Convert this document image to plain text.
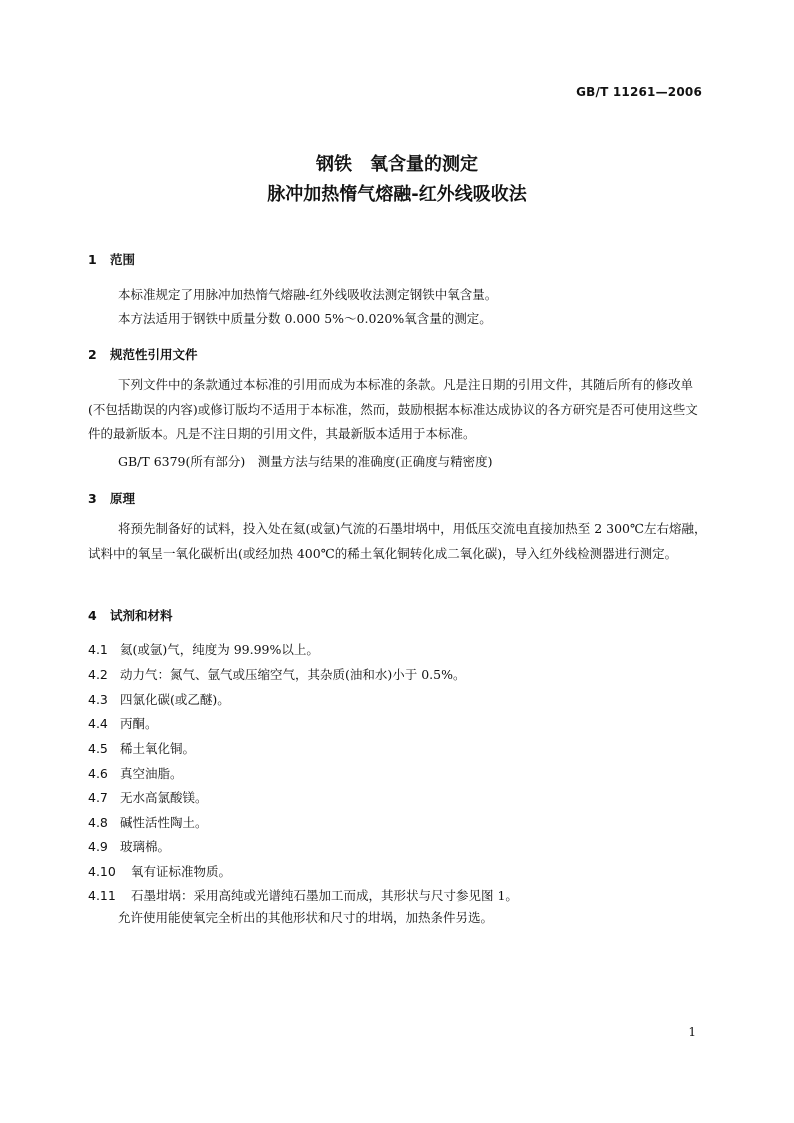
GB/T 11261—2006
钢铁　氧含量的测定
脉冲加热惰气熔融-红外线吸收法
1 范围
本标准规定了用脉冲加热惰气熔融-红外线吸收法测定钢铁中氧含量。
本方法适用于钢铁中质量分数 0.000 5%～0.020%氧含量的测定。
2 规范性引用文件
下列文件中的条款通过本标准的引用而成为本标准的条款。凡是注日期的引用文件，其随后所有的修改单(不包括勘误的内容)或修订版均不适用于本标准，然而，鼓励根据本标准达成协议的各方研究是否可使用这些文件的最新版本。凡是不注日期的引用文件，其最新版本适用于本标准。
GB/T 6379(所有部分)　测量方法与结果的准确度(正确度与精密度)
3 原理
将预先制备好的试料，投入处在氦(或氩)气流的石墨坩埚中，用低压交流电直接加热至 2 300℃左右熔融，试料中的氧呈一氧化碳析出(或经加热 400℃的稀土氧化铜转化成二氧化碳)，导入红外线检测器进行测定。
4 试剂和材料
4.1 氦(或氩)气，纯度为 99.99%以上。
4.2 动力气：氮气、氩气或压缩空气，其杂质(油和水)小于 0.5%。
4.3 四氯化碳(或乙醚)。
4.4 丙酮。
4.5 稀土氧化铜。
4.6 真空油脂。
4.7 无水高氯酸镁。
4.8 碱性活性陶土。
4.9 玻璃棉。
4.10 氧有证标准物质。
4.11 石墨坩埚：采用高纯或光谱纯石墨加工而成，其形状与尺寸参见图 1。
允许使用能使氧完全析出的其他形状和尺寸的坩埚，加热条件另选。
1
